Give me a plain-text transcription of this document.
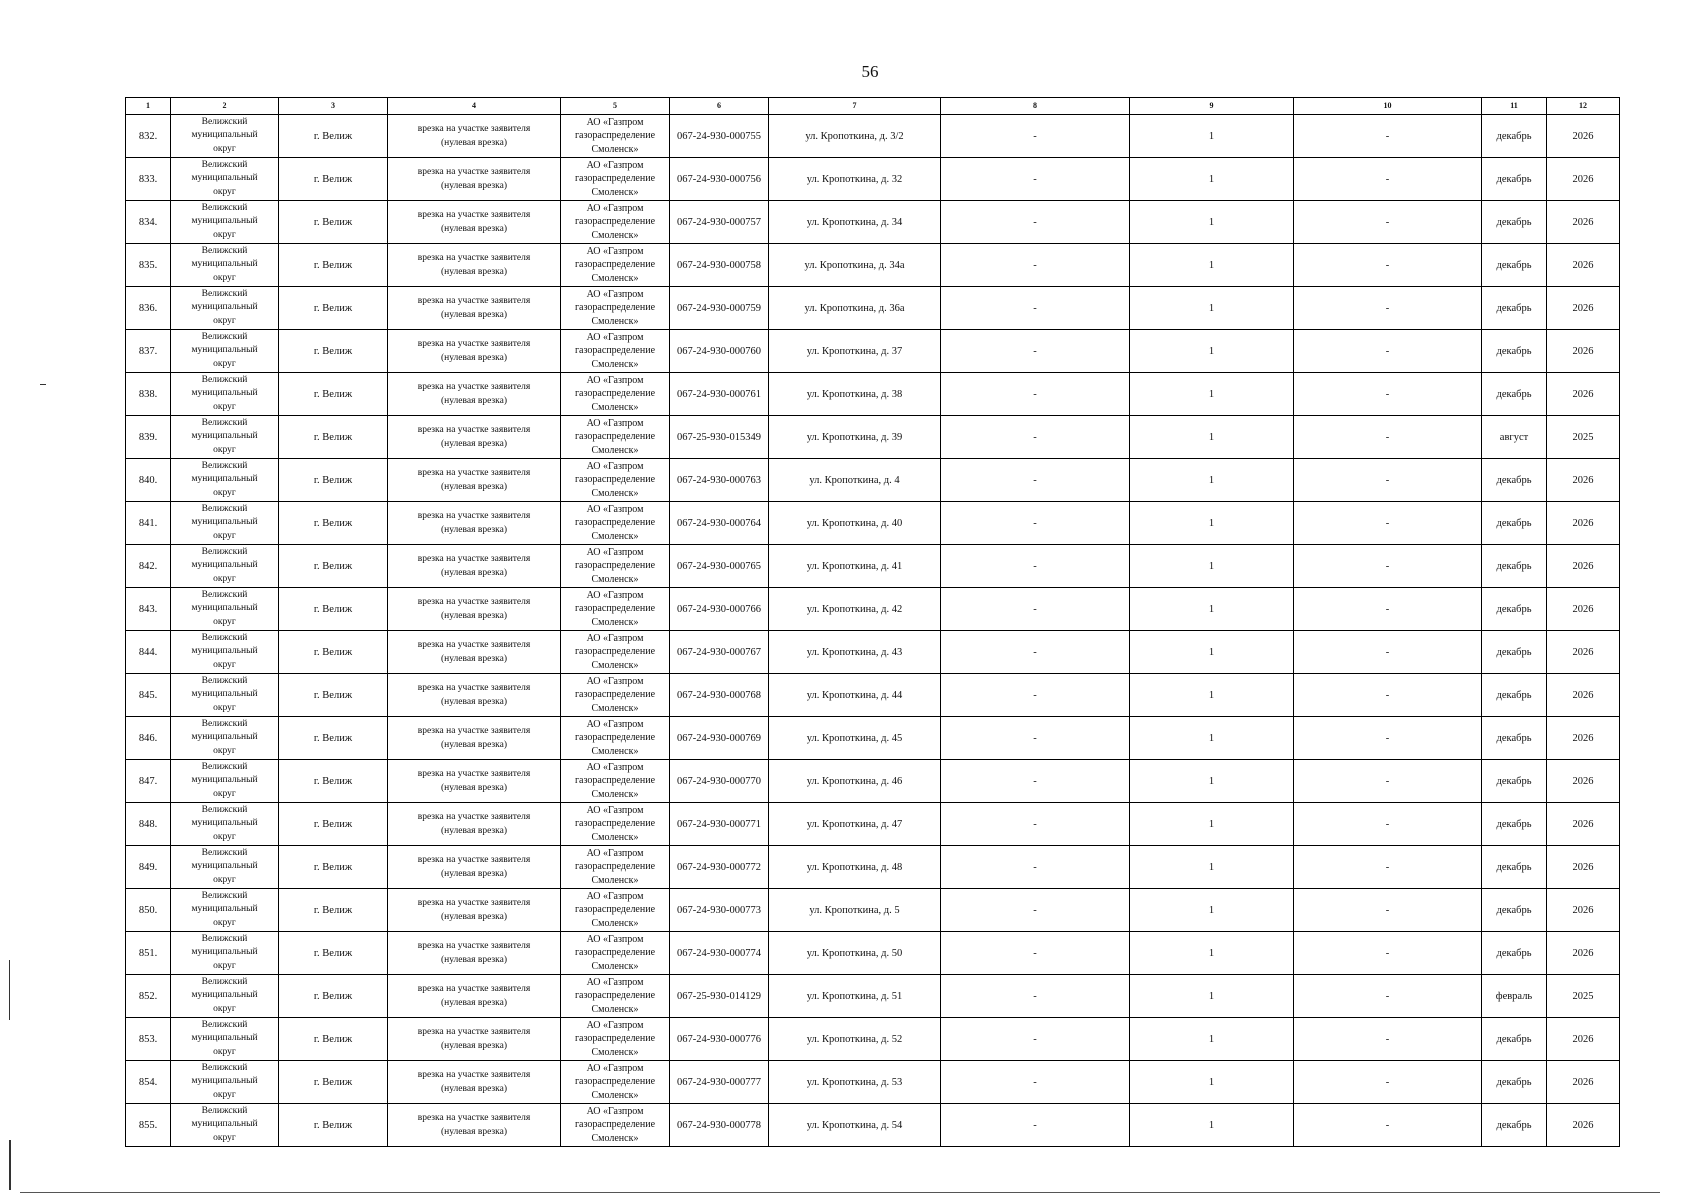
56
1	2	3	4	5	6	7	8	9	10	11	12
832.	Велижский
муниципальный
округ	г. Велиж	врезка на участке заявителя
(нулевая врезка)	АО «Газпром
газораспределение
Смоленск»	067-24-930-000755	ул. Кропоткина, д. 3/2	-	1	-	декабрь	2026
833.	Велижский
муниципальный
округ	г. Велиж	врезка на участке заявителя
(нулевая врезка)	АО «Газпром
газораспределение
Смоленск»	067-24-930-000756	ул. Кропоткина, д. 32	-	1	-	декабрь	2026
834.	Велижский
муниципальный
округ	г. Велиж	врезка на участке заявителя
(нулевая врезка)	АО «Газпром
газораспределение
Смоленск»	067-24-930-000757	ул. Кропоткина, д. 34	-	1	-	декабрь	2026
835.	Велижский
муниципальный
округ	г. Велиж	врезка на участке заявителя
(нулевая врезка)	АО «Газпром
газораспределение
Смоленск»	067-24-930-000758	ул. Кропоткина, д. 34а	-	1	-	декабрь	2026
836.	Велижский
муниципальный
округ	г. Велиж	врезка на участке заявителя
(нулевая врезка)	АО «Газпром
газораспределение
Смоленск»	067-24-930-000759	ул. Кропоткина, д. 36а	-	1	-	декабрь	2026
837.	Велижский
муниципальный
округ	г. Велиж	врезка на участке заявителя
(нулевая врезка)	АО «Газпром
газораспределение
Смоленск»	067-24-930-000760	ул. Кропоткина, д. 37	-	1	-	декабрь	2026
838.	Велижский
муниципальный
округ	г. Велиж	врезка на участке заявителя
(нулевая врезка)	АО «Газпром
газораспределение
Смоленск»	067-24-930-000761	ул. Кропоткина, д. 38	-	1	-	декабрь	2026
839.	Велижский
муниципальный
округ	г. Велиж	врезка на участке заявителя
(нулевая врезка)	АО «Газпром
газораспределение
Смоленск»	067-25-930-015349	ул. Кропоткина, д. 39	-	1	-	август	2025
840.	Велижский
муниципальный
округ	г. Велиж	врезка на участке заявителя
(нулевая врезка)	АО «Газпром
газораспределение
Смоленск»	067-24-930-000763	ул. Кропоткина, д. 4	-	1	-	декабрь	2026
841.	Велижский
муниципальный
округ	г. Велиж	врезка на участке заявителя
(нулевая врезка)	АО «Газпром
газораспределение
Смоленск»	067-24-930-000764	ул. Кропоткина, д. 40	-	1	-	декабрь	2026
842.	Велижский
муниципальный
округ	г. Велиж	врезка на участке заявителя
(нулевая врезка)	АО «Газпром
газораспределение
Смоленск»	067-24-930-000765	ул. Кропоткина, д. 41	-	1	-	декабрь	2026
843.	Велижский
муниципальный
округ	г. Велиж	врезка на участке заявителя
(нулевая врезка)	АО «Газпром
газораспределение
Смоленск»	067-24-930-000766	ул. Кропоткина, д. 42	-	1	-	декабрь	2026
844.	Велижский
муниципальный
округ	г. Велиж	врезка на участке заявителя
(нулевая врезка)	АО «Газпром
газораспределение
Смоленск»	067-24-930-000767	ул. Кропоткина, д. 43	-	1	-	декабрь	2026
845.	Велижский
муниципальный
округ	г. Велиж	врезка на участке заявителя
(нулевая врезка)	АО «Газпром
газораспределение
Смоленск»	067-24-930-000768	ул. Кропоткина, д. 44	-	1	-	декабрь	2026
846.	Велижский
муниципальный
округ	г. Велиж	врезка на участке заявителя
(нулевая врезка)	АО «Газпром
газораспределение
Смоленск»	067-24-930-000769	ул. Кропоткина, д. 45	-	1	-	декабрь	2026
847.	Велижский
муниципальный
округ	г. Велиж	врезка на участке заявителя
(нулевая врезка)	АО «Газпром
газораспределение
Смоленск»	067-24-930-000770	ул. Кропоткина, д. 46	-	1	-	декабрь	2026
848.	Велижский
муниципальный
округ	г. Велиж	врезка на участке заявителя
(нулевая врезка)	АО «Газпром
газораспределение
Смоленск»	067-24-930-000771	ул. Кропоткина, д. 47	-	1	-	декабрь	2026
849.	Велижский
муниципальный
округ	г. Велиж	врезка на участке заявителя
(нулевая врезка)	АО «Газпром
газораспределение
Смоленск»	067-24-930-000772	ул. Кропоткина, д. 48	-	1	-	декабрь	2026
850.	Велижский
муниципальный
округ	г. Велиж	врезка на участке заявителя
(нулевая врезка)	АО «Газпром
газораспределение
Смоленск»	067-24-930-000773	ул. Кропоткина, д. 5	-	1	-	декабрь	2026
851.	Велижский
муниципальный
округ	г. Велиж	врезка на участке заявителя
(нулевая врезка)	АО «Газпром
газораспределение
Смоленск»	067-24-930-000774	ул. Кропоткина, д. 50	-	1	-	декабрь	2026
852.	Велижский
муниципальный
округ	г. Велиж	врезка на участке заявителя
(нулевая врезка)	АО «Газпром
газораспределение
Смоленск»	067-25-930-014129	ул. Кропоткина, д. 51	-	1	-	февраль	2025
853.	Велижский
муниципальный
округ	г. Велиж	врезка на участке заявителя
(нулевая врезка)	АО «Газпром
газораспределение
Смоленск»	067-24-930-000776	ул. Кропоткина, д. 52	-	1	-	декабрь	2026
854.	Велижский
муниципальный
округ	г. Велиж	врезка на участке заявителя
(нулевая врезка)	АО «Газпром
газораспределение
Смоленск»	067-24-930-000777	ул. Кропоткина, д. 53	-	1	-	декабрь	2026
855.	Велижский
муниципальный
округ	г. Велиж	врезка на участке заявителя
(нулевая врезка)	АО «Газпром
газораспределение
Смоленск»	067-24-930-000778	ул. Кропоткина, д. 54	-	1	-	декабрь	2026
